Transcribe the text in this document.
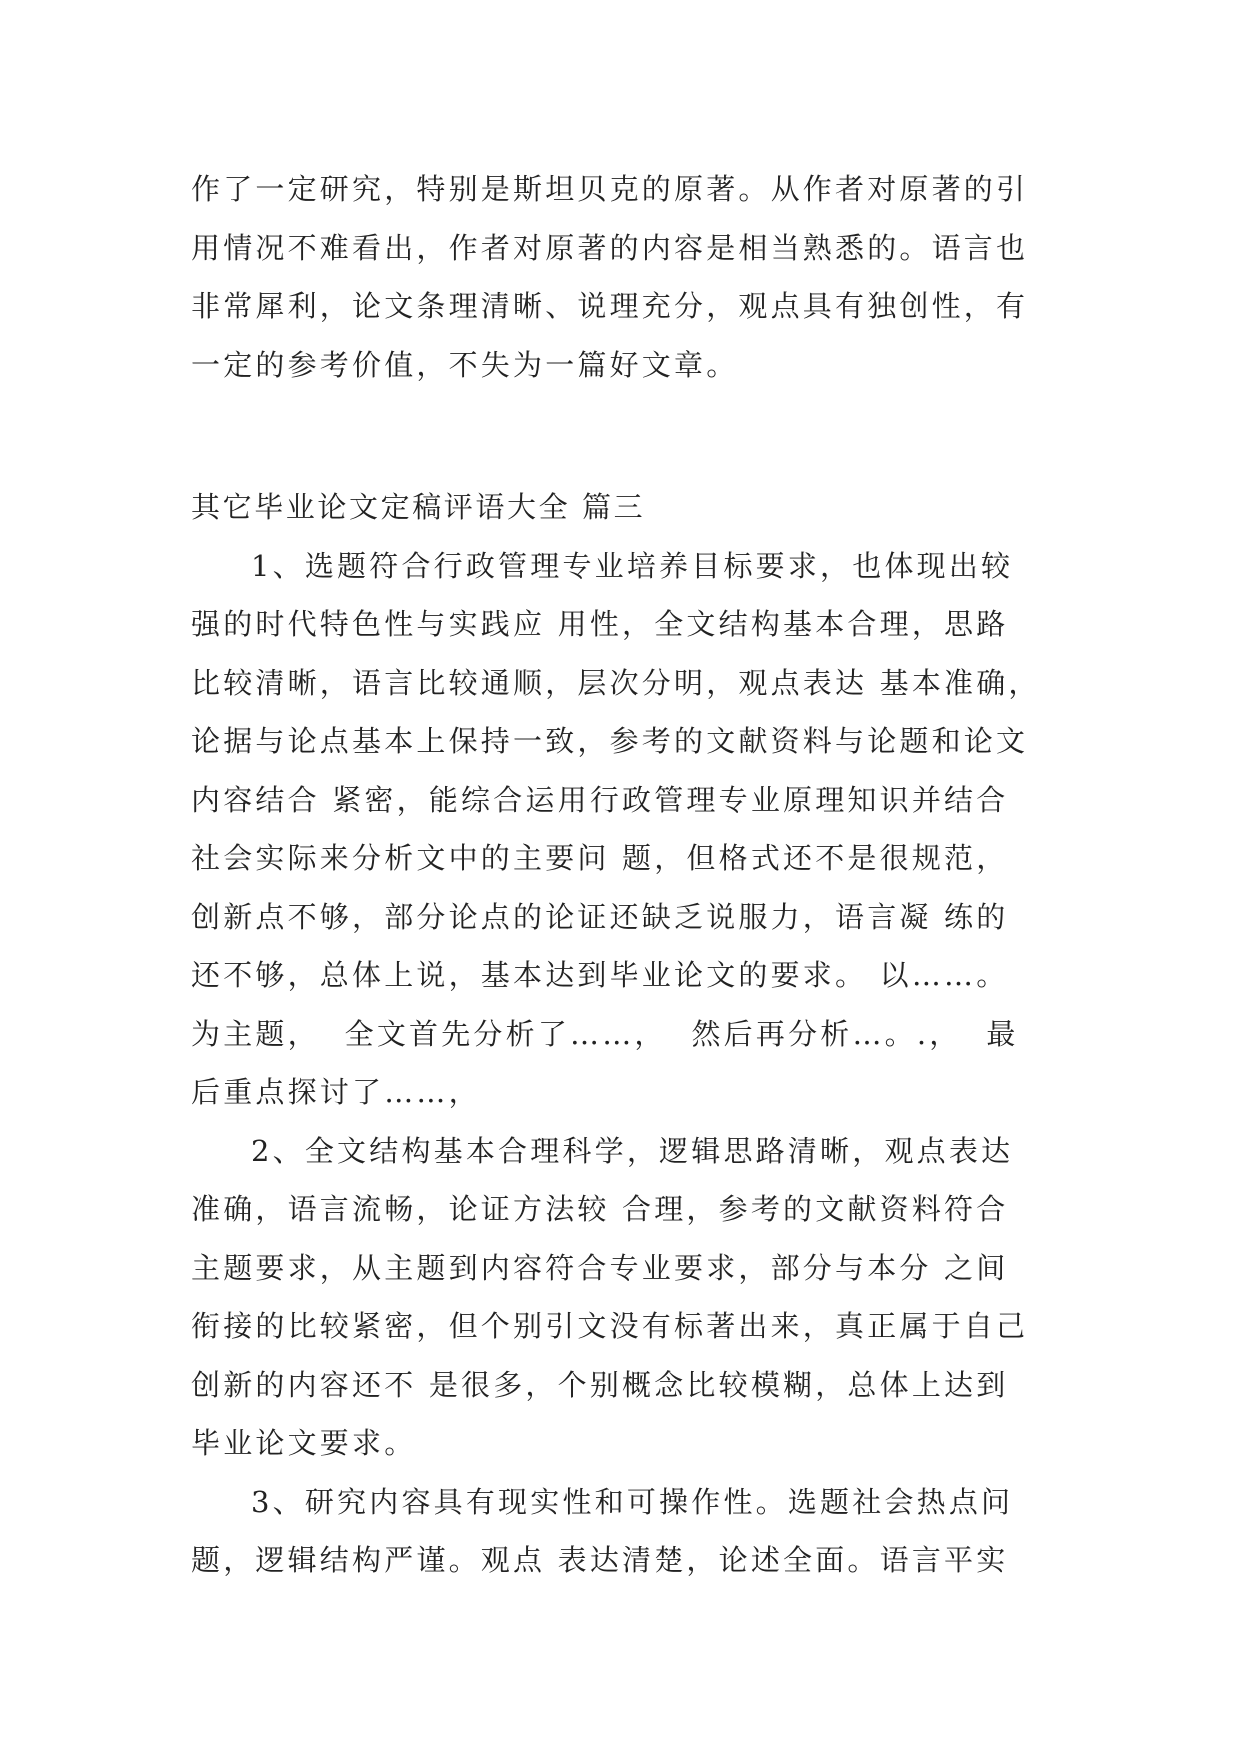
作了一定研究，特别是斯坦贝克的原著。从作者对原著的引
用情况不难看出，作者对原著的内容是相当熟悉的。语言也
非常犀利，论文条理清晰、说理充分，观点具有独创性，有
一定的参考价值，不失为一篇好文章。
其它毕业论文定稿评语大全 篇三
1、选题符合行政管理专业培养目标要求，也体现出较
强的时代特色性与实践应 用性，全文结构基本合理，思路
比较清晰，语言比较通顺，层次分明，观点表达 基本准确，
论据与论点基本上保持一致，参考的文献资料与论题和论文
内容结合 紧密，能综合运用行政管理专业原理知识并结合
社会实际来分析文中的主要问 题，但格式还不是很规范，
创新点不够，部分论点的论证还缺乏说服力，语言凝 练的
还不够，总体上说，基本达到毕业论文的要求。 以……。
为主题，  全文首先分析了……，  然后再分析…。.，  最
后重点探讨了……，
2、全文结构基本合理科学，逻辑思路清晰，观点表达
准确，语言流畅，论证方法较 合理，参考的文献资料符合
主题要求，从主题到内容符合专业要求，部分与本分 之间
衔接的比较紧密，但个别引文没有标著出来，真正属于自己
创新的内容还不 是很多，个别概念比较模糊，总体上达到
毕业论文要求。
3、研究内容具有现实性和可操作性。选题社会热点问
题，逻辑结构严谨。观点 表达清楚，论述全面。语言平实
